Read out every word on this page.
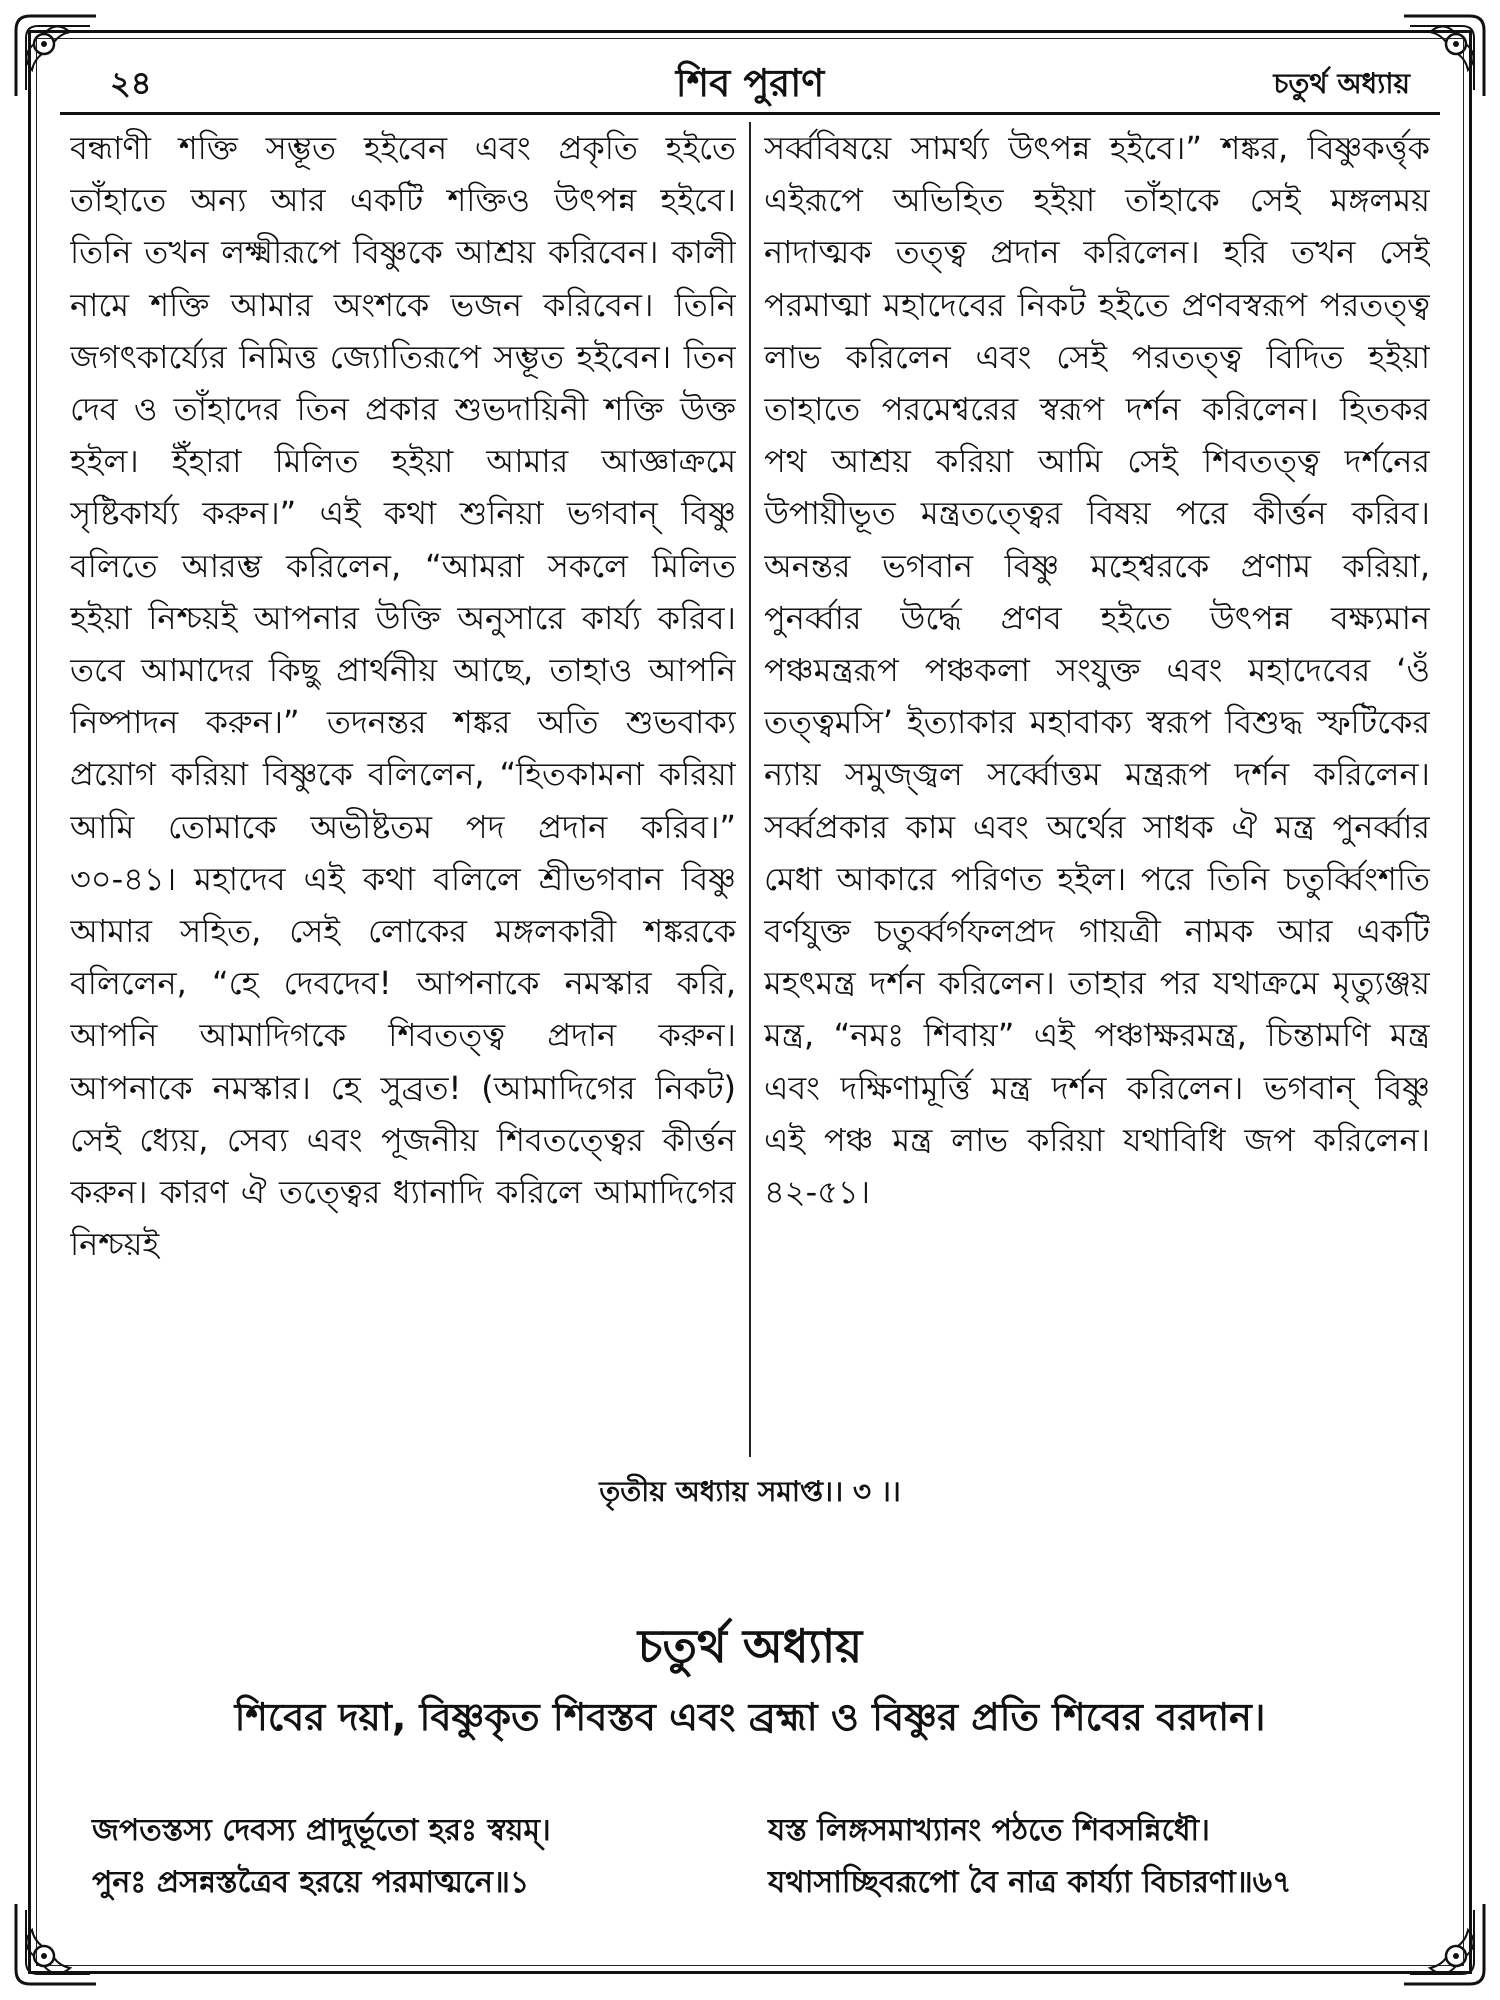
২৪	শিব পুরাণ	চতুর্থ অধ্যায়

বন্ধাণী শক্তি সম্ভূত হইবেন এবং প্রকৃতি হইতে তাঁহাতে অন্য আর একটি শক্তিও উৎপন্ন হইবে। তিনি তখন লক্ষ্মীরূপে বিষ্ণুকে আশ্রয় করিবেন। কালী নামে শক্তি আমার অংশকে ভজন করিবেন। তিনি জগৎকার্য্যের নিমিত্ত জ্যোতিরূপে সম্ভূত হইবেন। তিন দেব ও তাঁহাদের তিন প্রকার শুভদায়িনী শক্তি উক্ত হইল। ইঁহারা মিলিত হইয়া আমার আজ্ঞাক্রমে সৃষ্টিকার্য্য করুন।” এই কথা শুনিয়া ভগবান্ বিষ্ণু বলিতে আরম্ভ করিলেন, “আমরা সকলে মিলিত হইয়া নিশ্চয়ই আপনার উক্তি অনুসারে কার্য্য করিব। তবে আমাদের কিছু প্রার্থনীয় আছে, তাহাও আপনি নিষ্পাদন করুন।” তদনন্তর শঙ্কর অতি শুভবাক্য প্রয়োগ করিয়া বিষ্ণুকে বলিলেন, “হিতকামনা করিয়া আমি তোমাকে অভীষ্টতম পদ প্রদান করিব।” ৩০-৪১। মহাদেব এই কথা বলিলে শ্রীভগবান বিষ্ণু আমার সহিত, সেই লোকের মঙ্গলকারী শঙ্করকে বলিলেন, “হে দেবদেব! আপনাকে নমস্কার করি, আপনি আমাদিগকে শিবতত্ত্ব প্রদান করুন। আপনাকে নমস্কার। হে সুব্রত! (আমাদিগের নিকট) সেই ধ্যেয়, সেব্য এবং পূজনীয় শিবতত্ত্বের কীর্ত্তন করুন। কারণ ঐ তত্ত্বের ধ্যানাদি করিলে আমাদিগের নিশ্চয়ই

সর্ব্ববিষয়ে সামর্থ্য উৎপন্ন হইবে।” শঙ্কর, বিষ্ণুকর্ত্তৃক এইরূপে অভিহিত হইয়া তাঁহাকে সেই মঙ্গলময় নাদাত্মক তত্ত্ব প্রদান করিলেন। হরি তখন সেই পরমাত্মা মহাদেবের নিকট হইতে প্রণবস্বরূপ পরতত্ত্ব লাভ করিলেন এবং সেই পরতত্ত্ব বিদিত হইয়া তাহাতে পরমেশ্বরের স্বরূপ দর্শন করিলেন। হিতকর পথ আশ্রয় করিয়া আমি সেই শিবতত্ত্ব দর্শনের উপায়ীভূত মন্ত্রতত্ত্বের বিষয় পরে কীর্ত্তন করিব। অনন্তর ভগবান বিষ্ণু মহেশ্বরকে প্রণাম করিয়া, পুনর্ব্বার উর্দ্ধে প্রণব হইতে উৎপন্ন বক্ষ্যমান পঞ্চমন্ত্ররূপ পঞ্চকলা সংযুক্ত এবং মহাদেবের ‘ওঁ তত্ত্বমসি’ ইত্যাকার মহাবাক্য স্বরূপ বিশুদ্ধ স্ফটিকের ন্যায় সমুজ্জ্বল সর্ব্বোত্তম মন্ত্ররূপ দর্শন করিলেন। সর্ব্বপ্রকার কাম এবং অর্থের সাধক ঐ মন্ত্র পুনর্ব্বার মেধা আকারে পরিণত হইল। পরে তিনি চতুর্ব্বিংশতি বর্ণযুক্ত চতুর্ব্বর্গফলপ্রদ গায়ত্রী নামক আর একটি মহৎমন্ত্র দর্শন করিলেন। তাহার পর যথাক্রমে মৃত্যুঞ্জয় মন্ত্র, “নমঃ শিবায়” এই পঞ্চাক্ষরমন্ত্র, চিন্তামণি মন্ত্র এবং দক্ষিণামূর্ত্তি মন্ত্র দর্শন করিলেন। ভগবান্ বিষ্ণু এই পঞ্চ মন্ত্র লাভ করিয়া যথাবিধি জপ করিলেন। ৪২-৫১।

তৃতীয় অধ্যায় সমাপ্ত।। ৩ ।।
চতুর্থ অধ্যায়
শিবের দয়া, বিষ্ণুকৃত শিবস্তব এবং ব্রহ্মা ও বিষ্ণুর প্রতি শিবের বরদান।
জপতস্তস্য দেবস্য প্রাদুর্ভূতো হরঃ স্বয়ম্।
পুনঃ প্রসন্নস্তত্রৈব হরয়ে পরমাত্মনে॥১
যস্ত লিঙ্গসমাখ্যানং পঠতে শিবসন্নিধৌ।
যথাসাচ্ছিবরূপো বৈ নাত্র কার্য্যা বিচারণা॥৬৭
